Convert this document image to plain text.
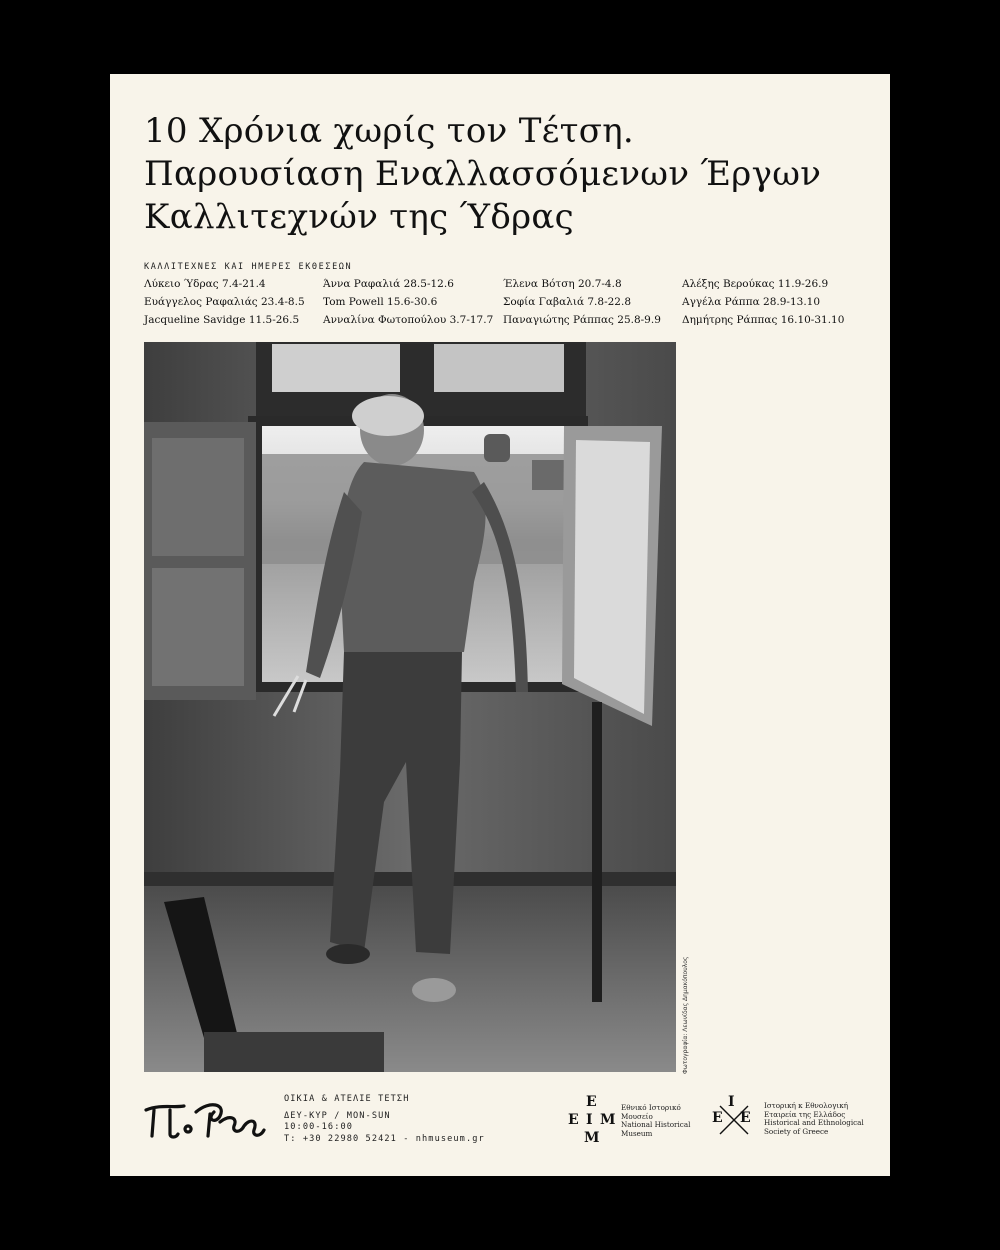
10 Χρόνια χωρίς τον Τέτση.
Παρουσίαση Εναλλασσόμενων Έργων
Καλλιτεχνών της Ύδρας
ΚΑΛΛΙΤΕΧΝΕΣ ΚΑΙ ΗΜΕΡΕΣ ΕΚΘΕΣΕΩΝ
Λύκειο Ύδρας 7.4-21.4
Ευάγγελος Ραφαλιάς 23.4-8.5
Jacqueline Savidge 11.5-26.5
Άννα Ραφαλιά 28.5-12.6
Tom Powell 15.6-30.6
Ανναλίνα Φωτοπούλου 3.7-17.7
Έλενα Βότση 20.7-4.8
Σοφία Γαβαλιά 7.8-22.8
Παναγιώτης Ράππας 25.8-9.9
Αλέξης Βερούκας 11.9-26.9
Αγγέλα Ράππα 28.9-13.10
Δημήτρης Ράππας 16.10-31.10
Φωτογραφία: Λεωνίδας Δημακόπουλος
ΟΙΚΙΑ & ΑΤΕΛΙΕ ΤΕΤΣΗ
ΔΕΥ-ΚΥΡ / MON-SUN
10:00-16:00
T: +30 22980 52421 - nhmuseum.gr
Ε
Ε Ι Μ
Μ
Εθνικό Ιστορικό
Μουσείο
National Historical
Museum
Ι
Ε Ε
Ιστορική κ Εθνολογική
Εταιρεία της Ελλάδος
Historical and Ethnological
Society of Greece
